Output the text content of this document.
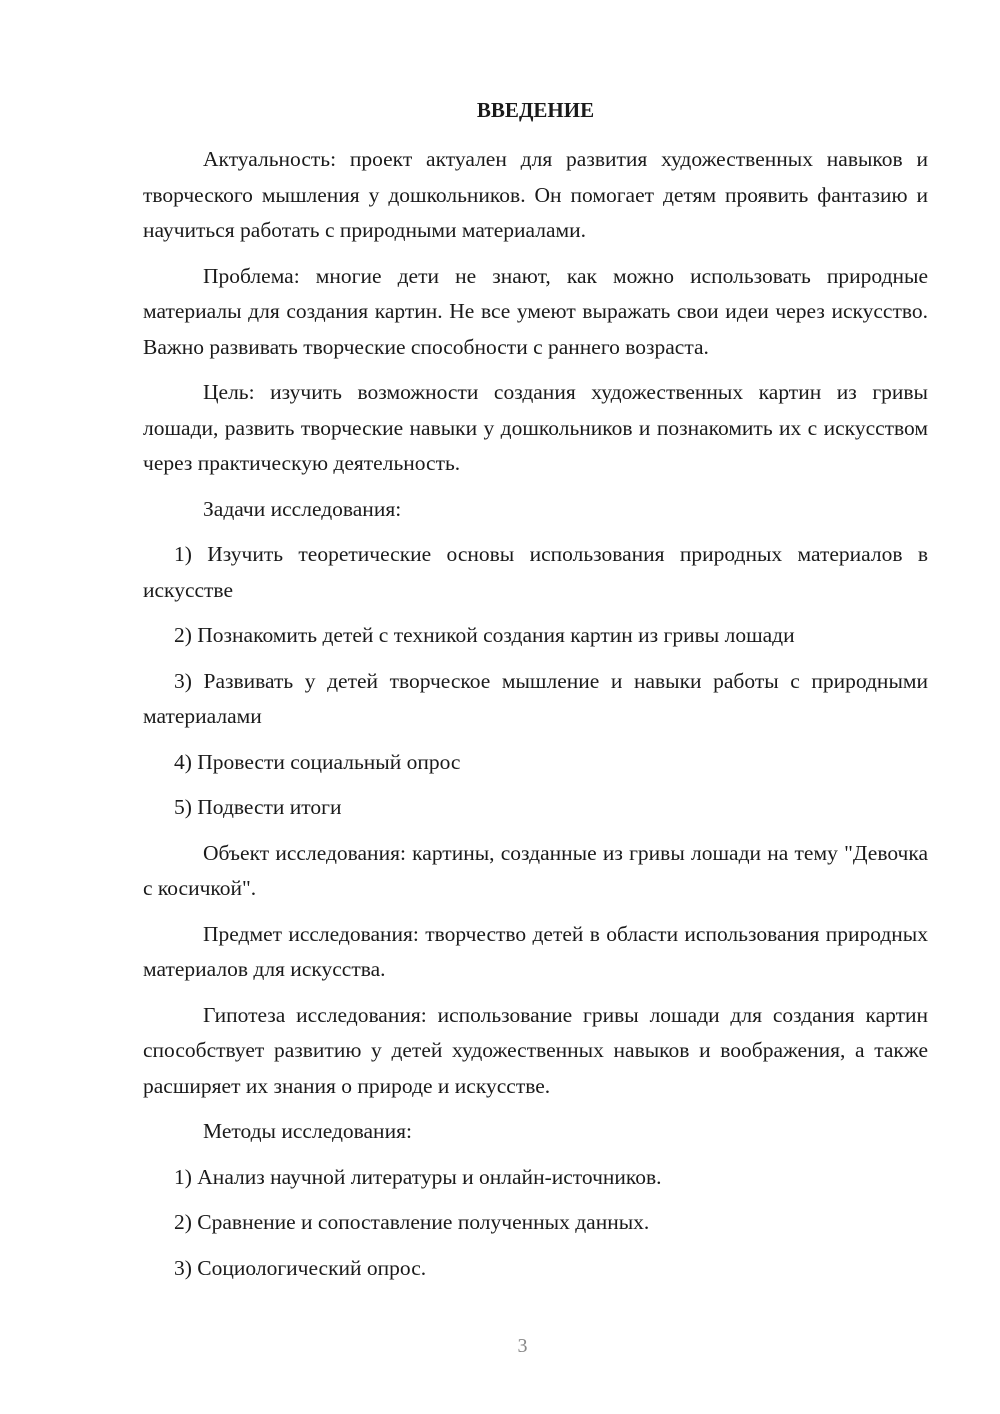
ВВЕДЕНИЕ

Актуальность: проект актуален для развития художественных навыков и творческого мышления у дошкольников. Он помогает детям проявить фантазию и научиться работать с природными материалами.

Проблема: многие дети не знают, как можно использовать природные материалы для создания картин. Не все умеют выражать свои идеи через искусство. Важно развивать творческие способности с раннего возраста.

Цель: изучить возможности создания художественных картин из гривы лошади, развить творческие навыки у дошкольников и познакомить их с искусством через практическую деятельность.

Задачи исследования:

1) Изучить теоретические основы использования природных материалов в искусстве

2) Познакомить детей с техникой создания картин из гривы лошади

3) Развивать у детей творческое мышление и навыки работы с природными материалами

4) Провести социальный опрос

5) Подвести итоги

Объект исследования: картины, созданные из гривы лошади на тему "Девочка с косичкой".

Предмет исследования: творчество детей в области использования природных материалов для искусства.

Гипотеза исследования: использование гривы лошади для создания картин способствует развитию у детей художественных навыков и воображения, а также расширяет их знания о природе и искусстве.

Методы исследования:

1) Анализ научной литературы и онлайн-источников.

2) Сравнение и сопоставление полученных данных.

3) Социологический опрос.

3
